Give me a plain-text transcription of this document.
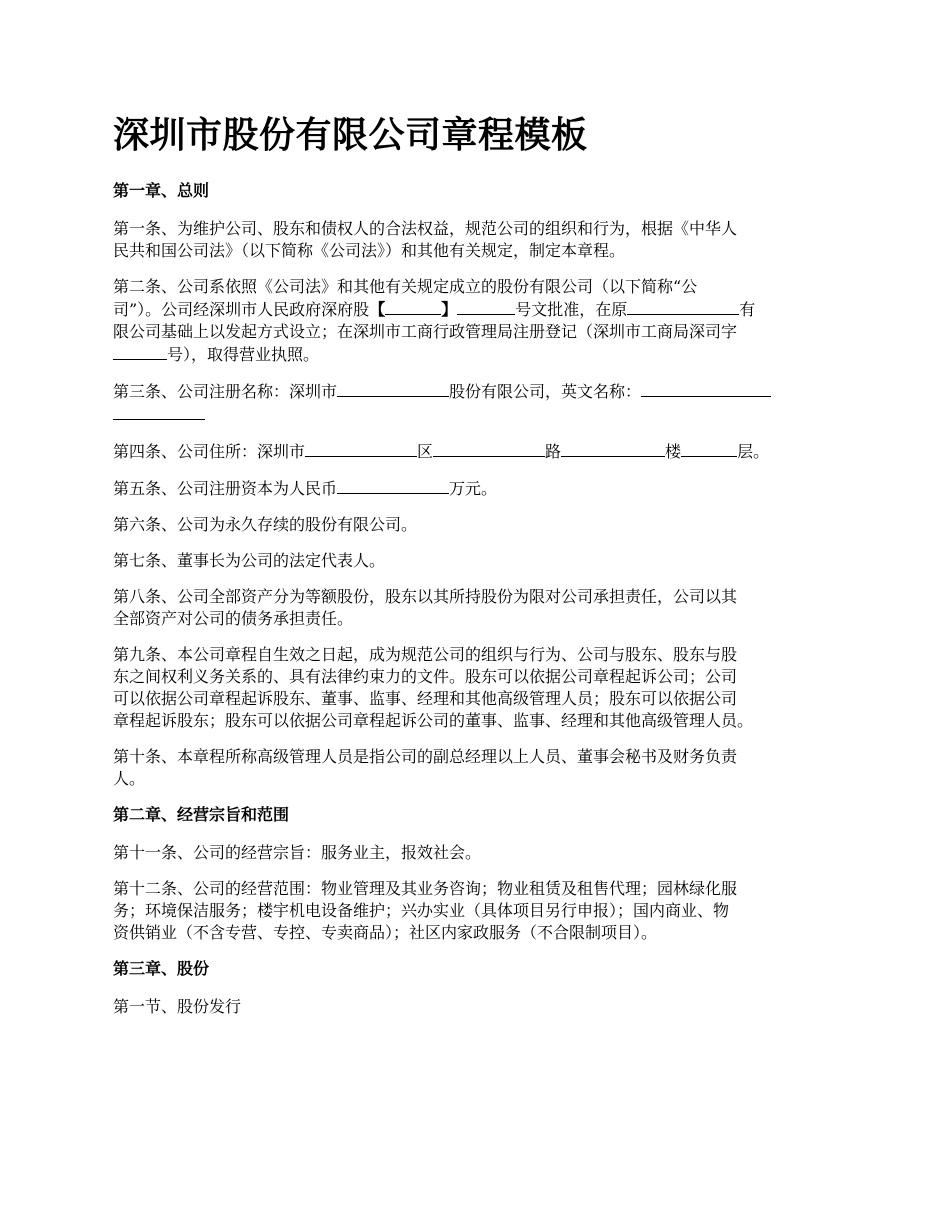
深圳市股份有限公司章程模板
第一章、总则

第一条、为维护公司、股东和债权人的合法权益，规范公司的组织和行为，根据《中华人
民共和国公司法》（以下简称《公司法》）和其他有关规定，制定本章程。

第二条、公司系依照《公司法》和其他有关规定成立的股份有限公司（以下简称“公
司”）。公司经深圳市人民政府深府股【	】	号文批准，在原	有
限公司基础上以发起方式设立；在深圳市工商行政管理局注册登记（深圳市工商局深司字
号），取得营业执照。

第三条、公司注册名称：深圳市	股份有限公司，英文名称：

第四条、公司住所：深圳市	区	路	楼	层。

第五条、公司注册资本为人民币	万元。

第六条、公司为永久存续的股份有限公司。

第七条、董事长为公司的法定代表人。

第八条、公司全部资产分为等额股份，股东以其所持股份为限对公司承担责任，公司以其
全部资产对公司的债务承担责任。

第九条、本公司章程自生效之日起，成为规范公司的组织与行为、公司与股东、股东与股
东之间权利义务关系的、具有法律约束力的文件。股东可以依据公司章程起诉公司；公司
可以依据公司章程起诉股东、董事、监事、经理和其他高级管理人员；股东可以依据公司
章程起诉股东；股东可以依据公司章程起诉公司的董事、监事、经理和其他高级管理人员。

第十条、本章程所称高级管理人员是指公司的副总经理以上人员、董事会秘书及财务负责
人。

第二章、经营宗旨和范围

第十一条、公司的经营宗旨：服务业主，报效社会。

第十二条、公司的经营范围：物业管理及其业务咨询；物业租赁及租售代理；园林绿化服
务；环境保洁服务；楼宇机电设备维护；兴办实业（具体项目另行申报）；国内商业、物
资供销业（不含专营、专控、专卖商品）；社区内家政服务（不合限制项目）。

第三章、股份

第一节、股份发行
